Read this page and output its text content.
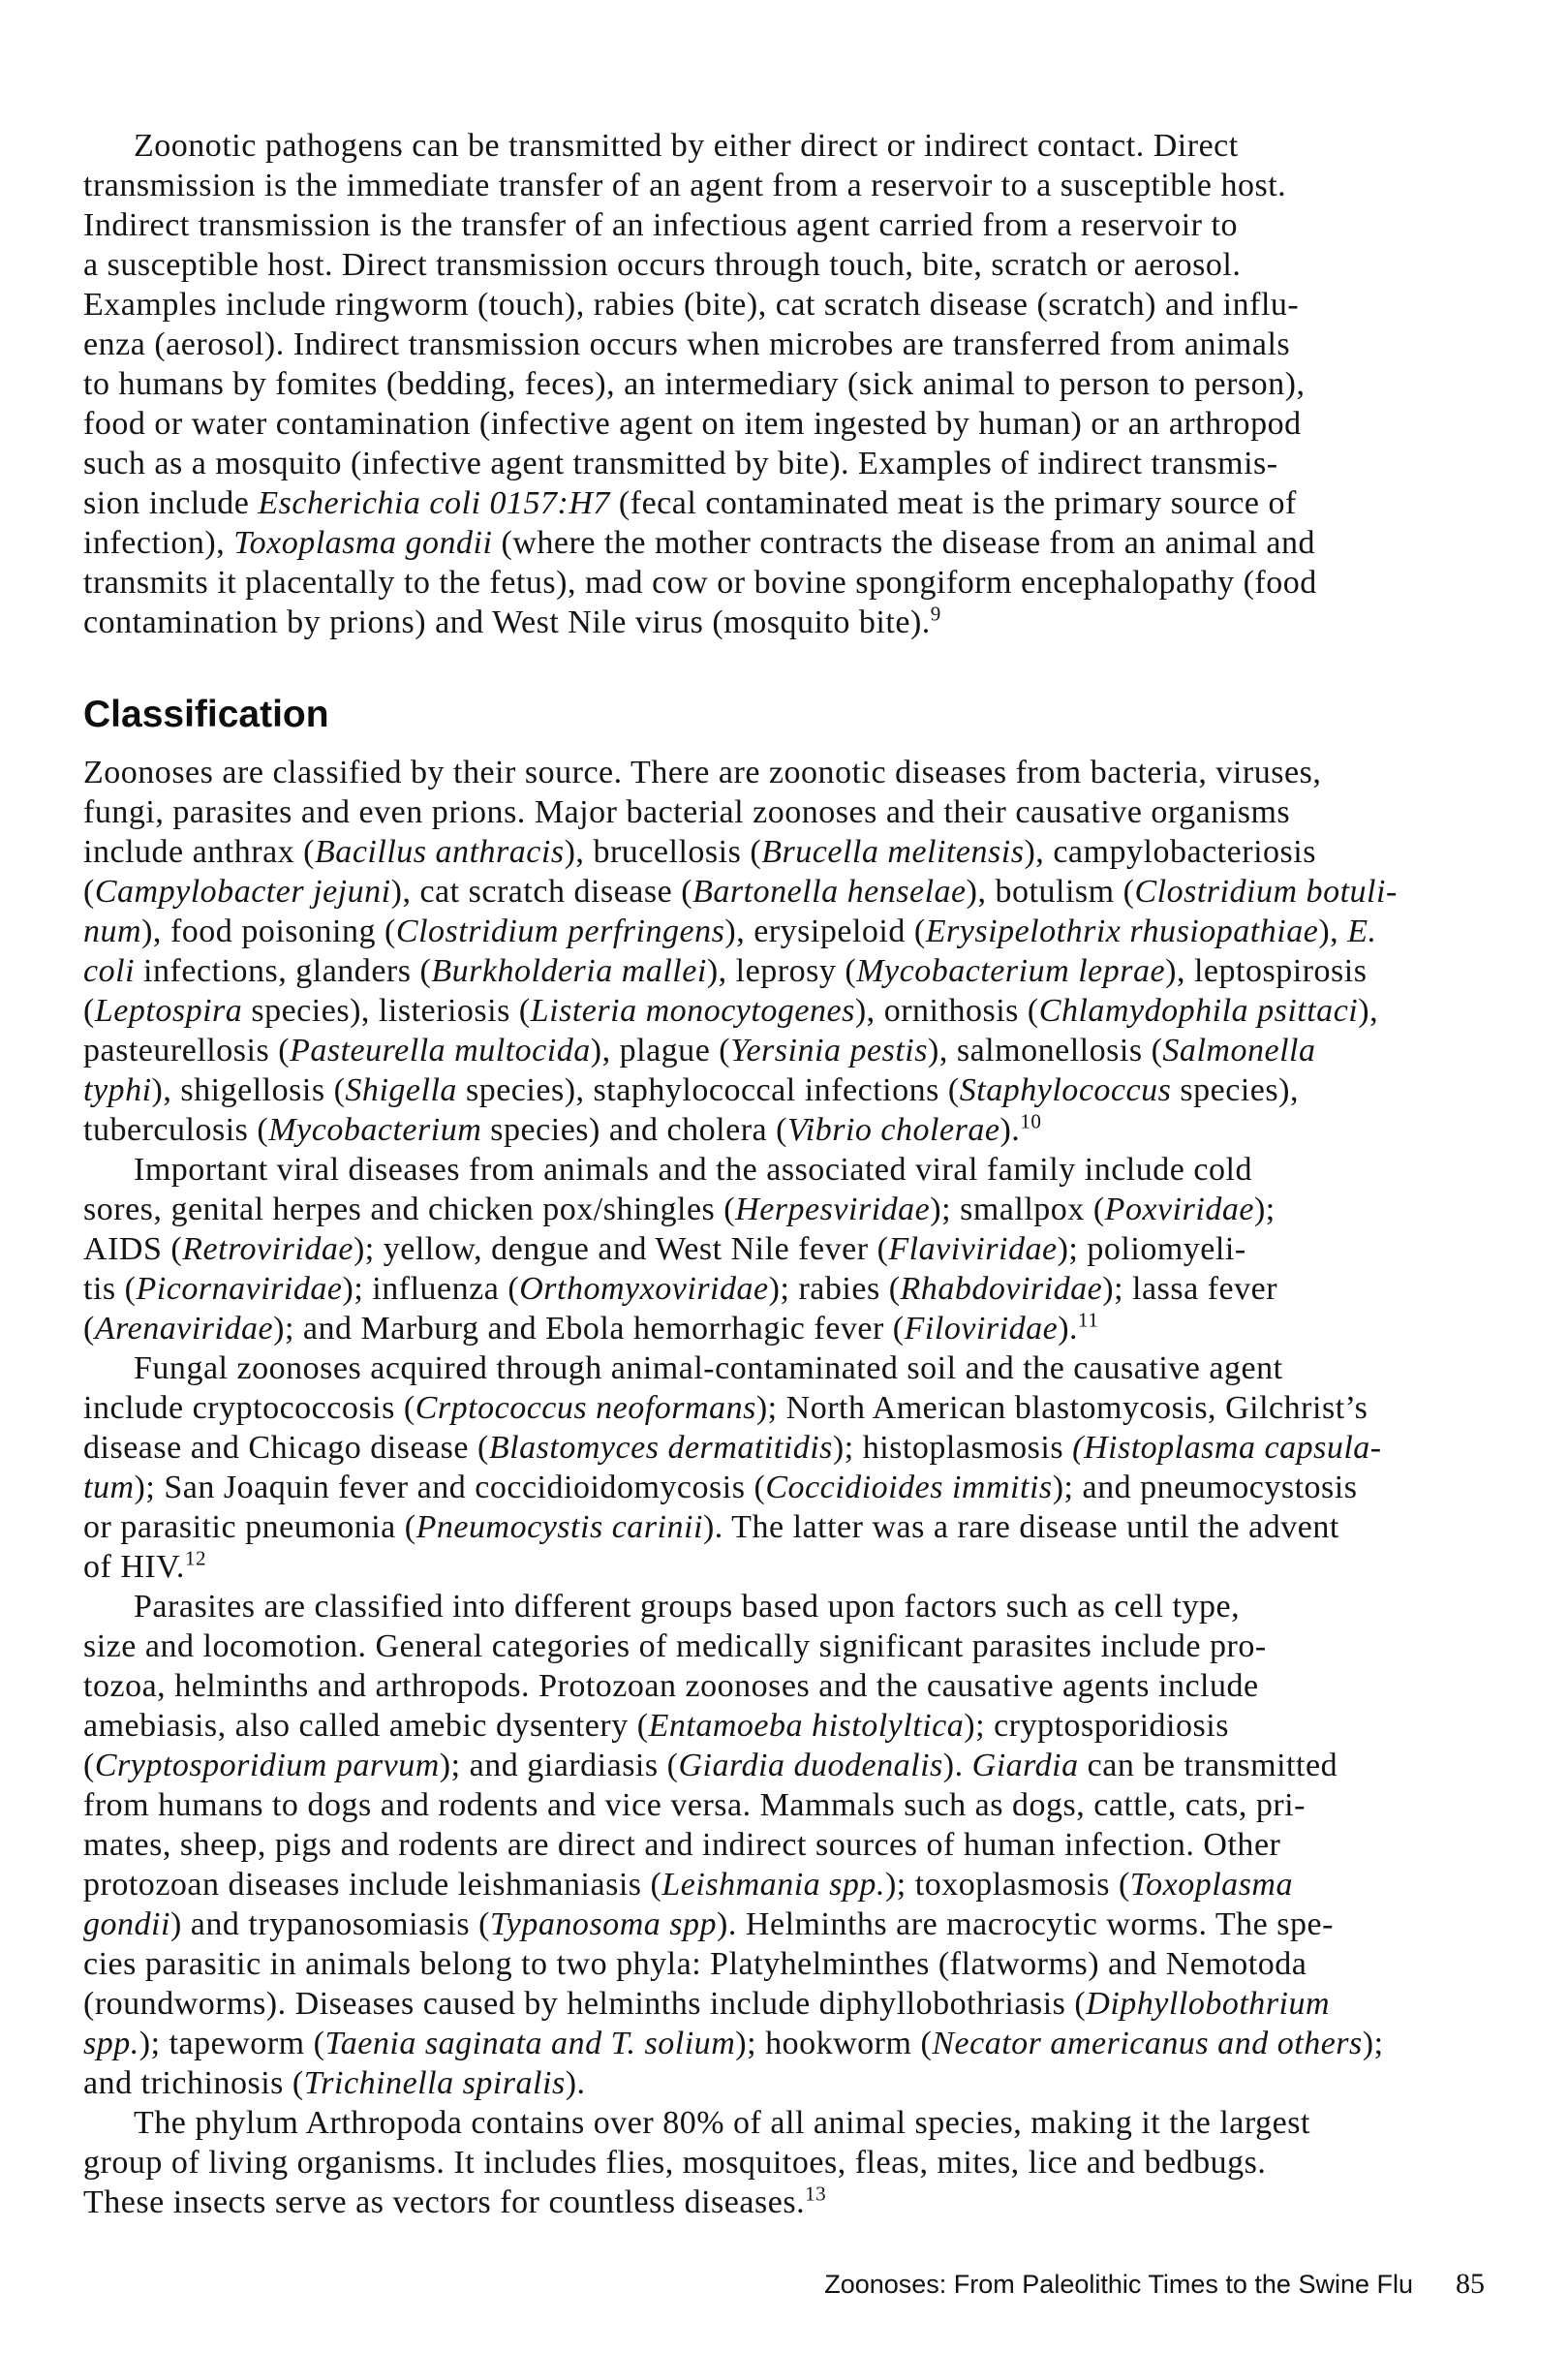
Zoonotic pathogens can be transmitted by either direct or indirect contact. Direct
transmission is the immediate transfer of an agent from a reservoir to a susceptible host.
Indirect transmission is the transfer of an infectious agent carried from a reservoir to
a susceptible host. Direct transmission occurs through touch, bite, scratch or aerosol.
Examples include ringworm (touch), rabies (bite), cat scratch disease (scratch) and influ-
enza (aerosol). Indirect transmission occurs when microbes are transferred from animals
to humans by fomites (bedding, feces), an intermediary (sick animal to person to person),
food or water contamination (infective agent on item ingested by human) or an arthropod
such as a mosquito (infective agent transmitted by bite). Examples of indirect transmis-
sion include Escherichia coli 0157:H7 (fecal contaminated meat is the primary source of
infection), Toxoplasma gondii (where the mother contracts the disease from an animal and
transmits it placentally to the fetus), mad cow or bovine spongiform encephalopathy (food
contamination by prions) and West Nile virus (mosquito bite).$^9$
Classification
Zoonoses are classified by their source. There are zoonotic diseases from bacteria, viruses,
fungi, parasites and even prions. Major bacterial zoonoses and their causative organisms
include anthrax (Bacillus anthracis), brucellosis (Brucella melitensis), campylobacteriosis
(Campylobacter jejuni), cat scratch disease (Bartonella henselae), botulism (Clostridium botuli-
num), food poisoning (Clostridium perfringens), erysipeloid (Erysipelothrix rhusiopathiae), E.
coli infections, glanders (Burkholderia mallei), leprosy (Mycobacterium leprae), leptospirosis
(Leptospira species), listeriosis (Listeria monocytogenes), ornithosis (Chlamydophila psittaci),
pasteurellosis (Pasteurella multocida), plague (Yersinia pestis), salmonellosis (Salmonella
typhi), shigellosis (Shigella species), staphylococcal infections (Staphylococcus species),
tuberculosis (Mycobacterium species) and cholera (Vibrio cholerae).$^{10}$
Important viral diseases from animals and the associated viral family include cold
sores, genital herpes and chicken pox/shingles (Herpesviridae); smallpox (Poxviridae);
AIDS (Retroviridae); yellow, dengue and West Nile fever (Flaviviridae); poliomyeli-
tis (Picornaviridae); influenza (Orthomyxoviridae); rabies (Rhabdoviridae); lassa fever
(Arenaviridae); and Marburg and Ebola hemorrhagic fever (Filoviridae).$^{11}$
Fungal zoonoses acquired through animal-contaminated soil and the causative agent
include cryptococcosis (Crptococcus neoformans); North American blastomycosis, Gilchrist’s
disease and Chicago disease (Blastomyces dermatitidis); histoplasmosis (Histoplasma capsula-
tum); San Joaquin fever and coccidioidomycosis (Coccidioides immitis); and pneumocystosis
or parasitic pneumonia (Pneumocystis carinii). The latter was a rare disease until the advent
of HIV.$^{12}$
Parasites are classified into different groups based upon factors such as cell type,
size and locomotion. General categories of medically significant parasites include pro-
tozoa, helminths and arthropods. Protozoan zoonoses and the causative agents include
amebiasis, also called amebic dysentery (Entamoeba histolyltica); cryptosporidiosis
(Cryptosporidium parvum); and giardiasis (Giardia duodenalis). Giardia can be transmitted
from humans to dogs and rodents and vice versa. Mammals such as dogs, cattle, cats, pri-
mates, sheep, pigs and rodents are direct and indirect sources of human infection. Other
protozoan diseases include leishmaniasis (Leishmania spp.); toxoplasmosis (Toxoplasma
gondii) and trypanosomiasis (Typanosoma spp). Helminths are macrocytic worms. The spe-
cies parasitic in animals belong to two phyla: Platyhelminthes (flatworms) and Nemotoda
(roundworms). Diseases caused by helminths include diphyllobothriasis (Diphyllobothrium
spp.); tapeworm (Taenia saginata and T. solium); hookworm (Necator americanus and others);
and trichinosis (Trichinella spiralis).
The phylum Arthropoda contains over 80% of all animal species, making it the largest
group of living organisms. It includes flies, mosquitoes, fleas, mites, lice and bedbugs.
These insects serve as vectors for countless diseases.$^{13}$
Zoonoses: From Paleolithic Times to the Swine Flu 85
